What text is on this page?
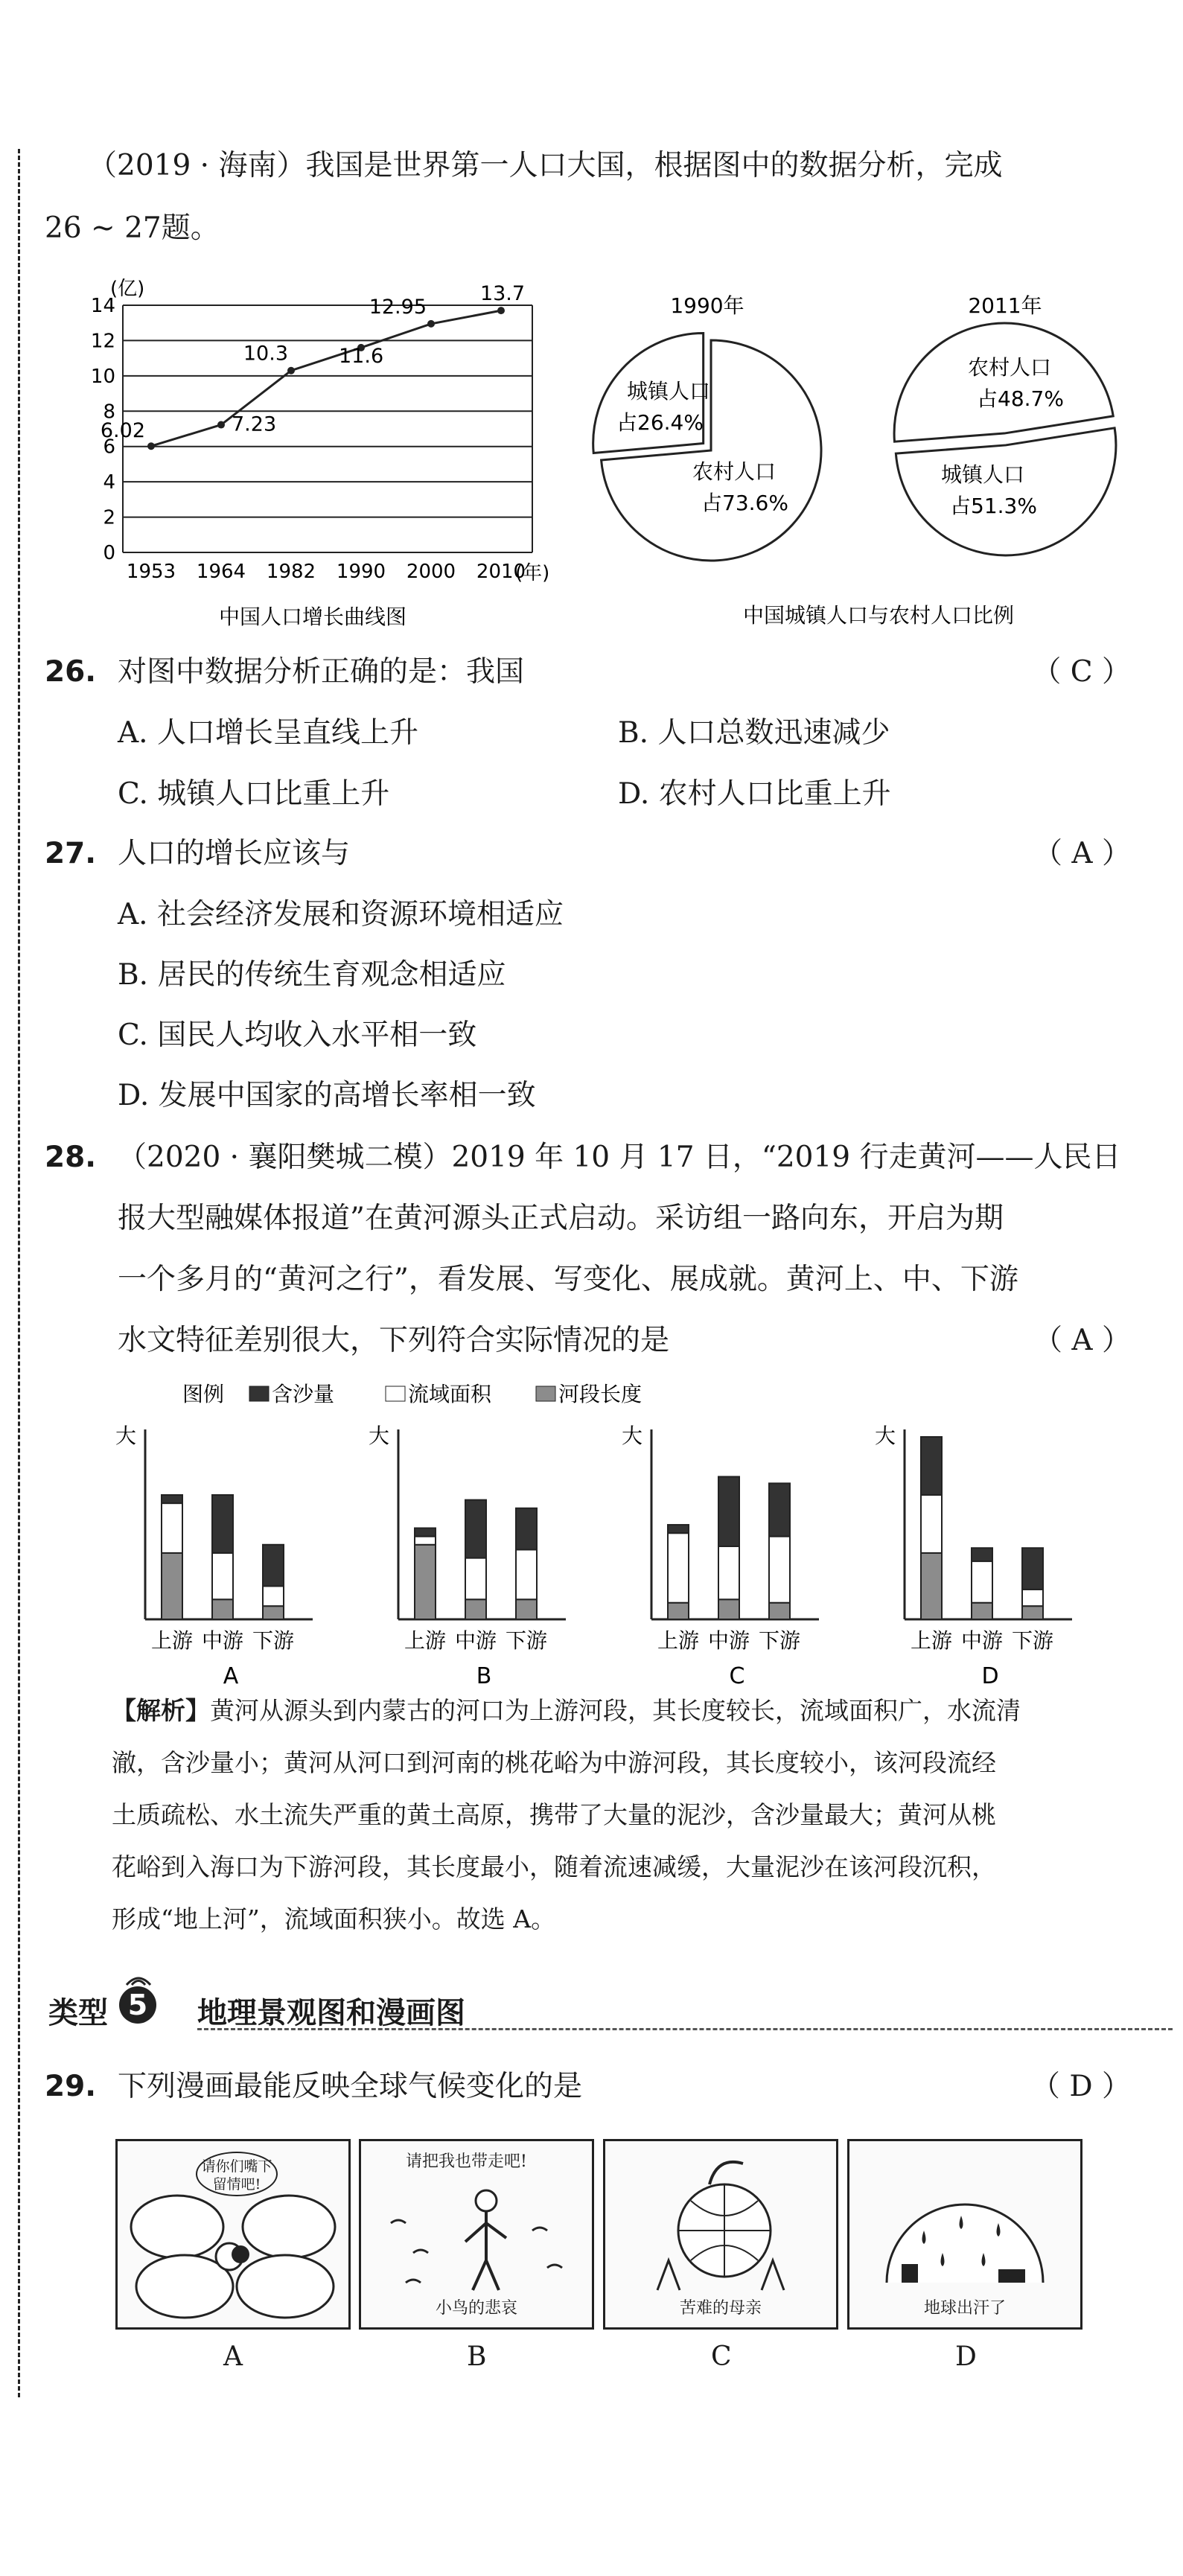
（2019 · 海南）我国是世界第一人口大国，根据图中的数据分析，完成
26 ~ 27题。
0
2
4
6
8
10
12
14
1953 1964 1982 1990 2000 2010
6.02	7.23
10.3	11.6
12.95
13.7
(亿)
(年)
中国人口增长曲线图
1990年	2011年
城镇人口
占26.4%
农村人口
占73.6%
农村人口
占48.7%
城镇人口
占51.3%
中国城镇人口与农村人口比例
26. 对图中数据分析正确的是：我国	（ C ）
A. 人口增长呈直线上升	B. 人口总数迅速减少
C. 城镇人口比重上升	D. 农村人口比重上升
27. 人口的增长应该与	（ A ）
A. 社会经济发展和资源环境相适应
B. 居民的传统生育观念相适应
C. 国民人均收入水平相一致
D. 发展中国家的高增长率相一致
28. （2020 · 襄阳樊城二模）2019 年 10 月 17 日，“2019 行走黄河——人民日
报大型融媒体报道”在黄河源头正式启动。采访组一路向东，开启为期
一个多月的“黄河之行”，看发展、写变化、展成就。黄河上、中、下游
水文特征差别很大，下列符合实际情况的是	（ A ）
图例 含沙量	流域面积	河段长度
大
上游 中游 下游
A
大
上游 中游 下游
B
大
上游 中游 下游
C
大
上游 中游 下游
D
【解析】黄河从源头到内蒙古的河口为上游河段，其长度较长，流域面积广，水流清
澈，含沙量小；黄河从河口到河南的桃花峪为中游河段，其长度较小，该河段流经
土质疏松、水土流失严重的黄土高原，携带了大量的泥沙，含沙量最大；黄河从桃
花峪到入海口为下游河段，其长度最小，随着流速减缓，大量泥沙在该河段沉积，
形成“地上河”，流域面积狭小。故选 A。
类型 5 地理景观图和漫画图
29. 下列漫画最能反映全球气候变化的是	（ D ）
请你们嘴下留情吧!
A
请把我也带走吧!
小鸟的悲哀
B
苦难的母亲
C
地球出汗了
D
